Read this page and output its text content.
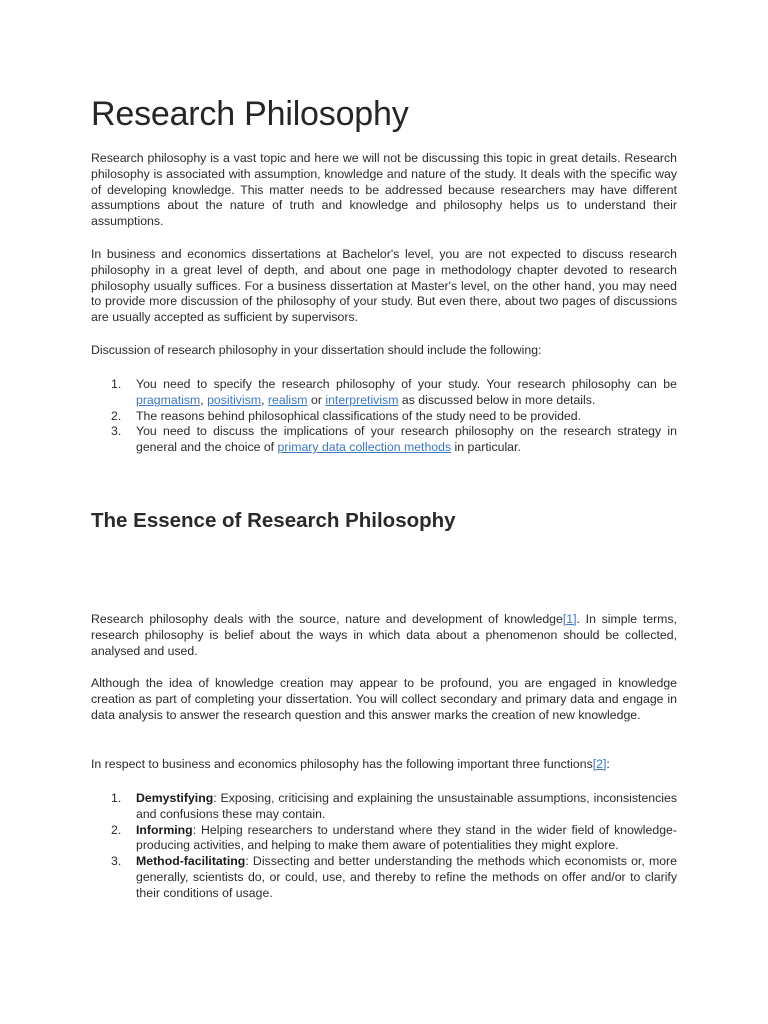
Research Philosophy

Research philosophy is a vast topic and here we will not be discussing this topic in great details. Research philosophy is associated with assumption, knowledge and nature of the study. It deals with the specific way of developing knowledge. This matter needs to be addressed because researchers may have different assumptions about the nature of truth and knowledge and philosophy helps us to understand their assumptions.

In business and economics dissertations at Bachelor's level, you are not expected to discuss research philosophy in a great level of depth, and about one page in methodology chapter devoted to research philosophy usually suffices. For a business dissertation at Master's level, on the other hand, you may need to provide more discussion of the philosophy of your study. But even there, about two pages of discussions are usually accepted as sufficient by supervisors.

Discussion of research philosophy in your dissertation should include the following:

1. You need to specify the research philosophy of your study. Your research philosophy can be pragmatism, positivism, realism or interpretivism as discussed below in more details.
2. The reasons behind philosophical classifications of the study need to be provided.
3. You need to discuss the implications of your research philosophy on the research strategy in general and the choice of primary data collection methods in particular.
The Essence of Research Philosophy

Research philosophy deals with the source, nature and development of knowledge[1]. In simple terms, research philosophy is belief about the ways in which data about a phenomenon should be collected, analysed and used.

Although the idea of knowledge creation may appear to be profound, you are engaged in knowledge creation as part of completing your dissertation. You will collect secondary and primary data and engage in data analysis to answer the research question and this answer marks the creation of new knowledge.

In respect to business and economics philosophy has the following important three functions[2]:

1. Demystifying: Exposing, criticising and explaining the unsustainable assumptions, inconsistencies and confusions these may contain.
2. Informing: Helping researchers to understand where they stand in the wider field of knowledge-producing activities, and helping to make them aware of potentialities they might explore.
3. Method-facilitating: Dissecting and better understanding the methods which economists or, more generally, scientists do, or could, use, and thereby to refine the methods on offer and/or to clarify their conditions of usage.
